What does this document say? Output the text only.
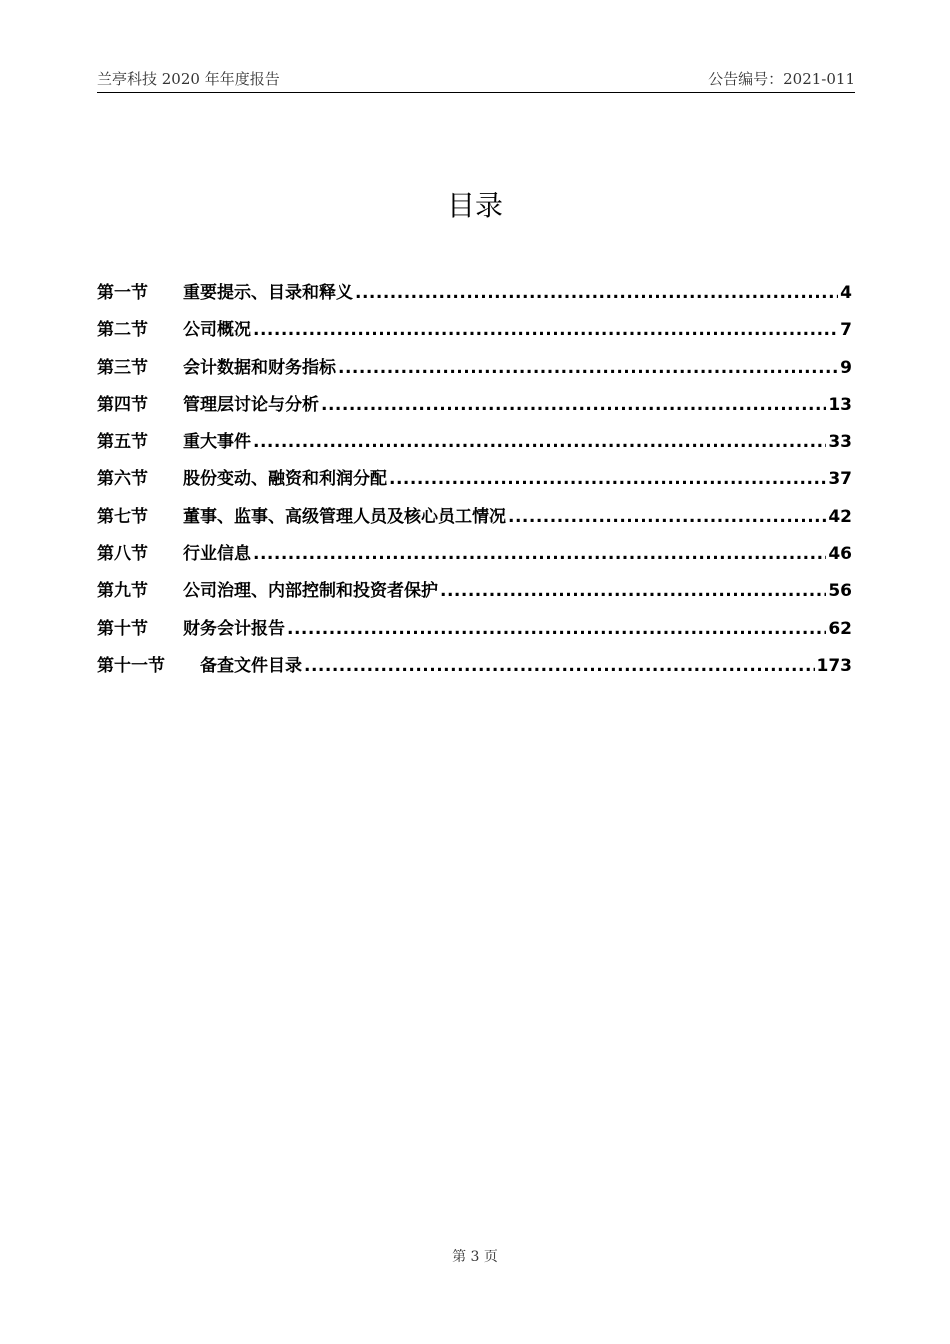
兰亭科技 2020 年年度报告	公告编号：2021-011
目录
第一节	重要提示、目录和释义 .....	4
第二节	公司概况 .....	7
第三节	会计数据和财务指标 .....	9
第四节	管理层讨论与分析 .....	13
第五节	重大事件 .....	33
第六节	股份变动、融资和利润分配 .....	37
第七节	董事、监事、高级管理人员及核心员工情况 .....	42
第八节	行业信息 .....	46
第九节	公司治理、内部控制和投资者保护 .....	56
第十节	财务会计报告 .....	62
第十一节	备查文件目录 .....	173
第 3 页
